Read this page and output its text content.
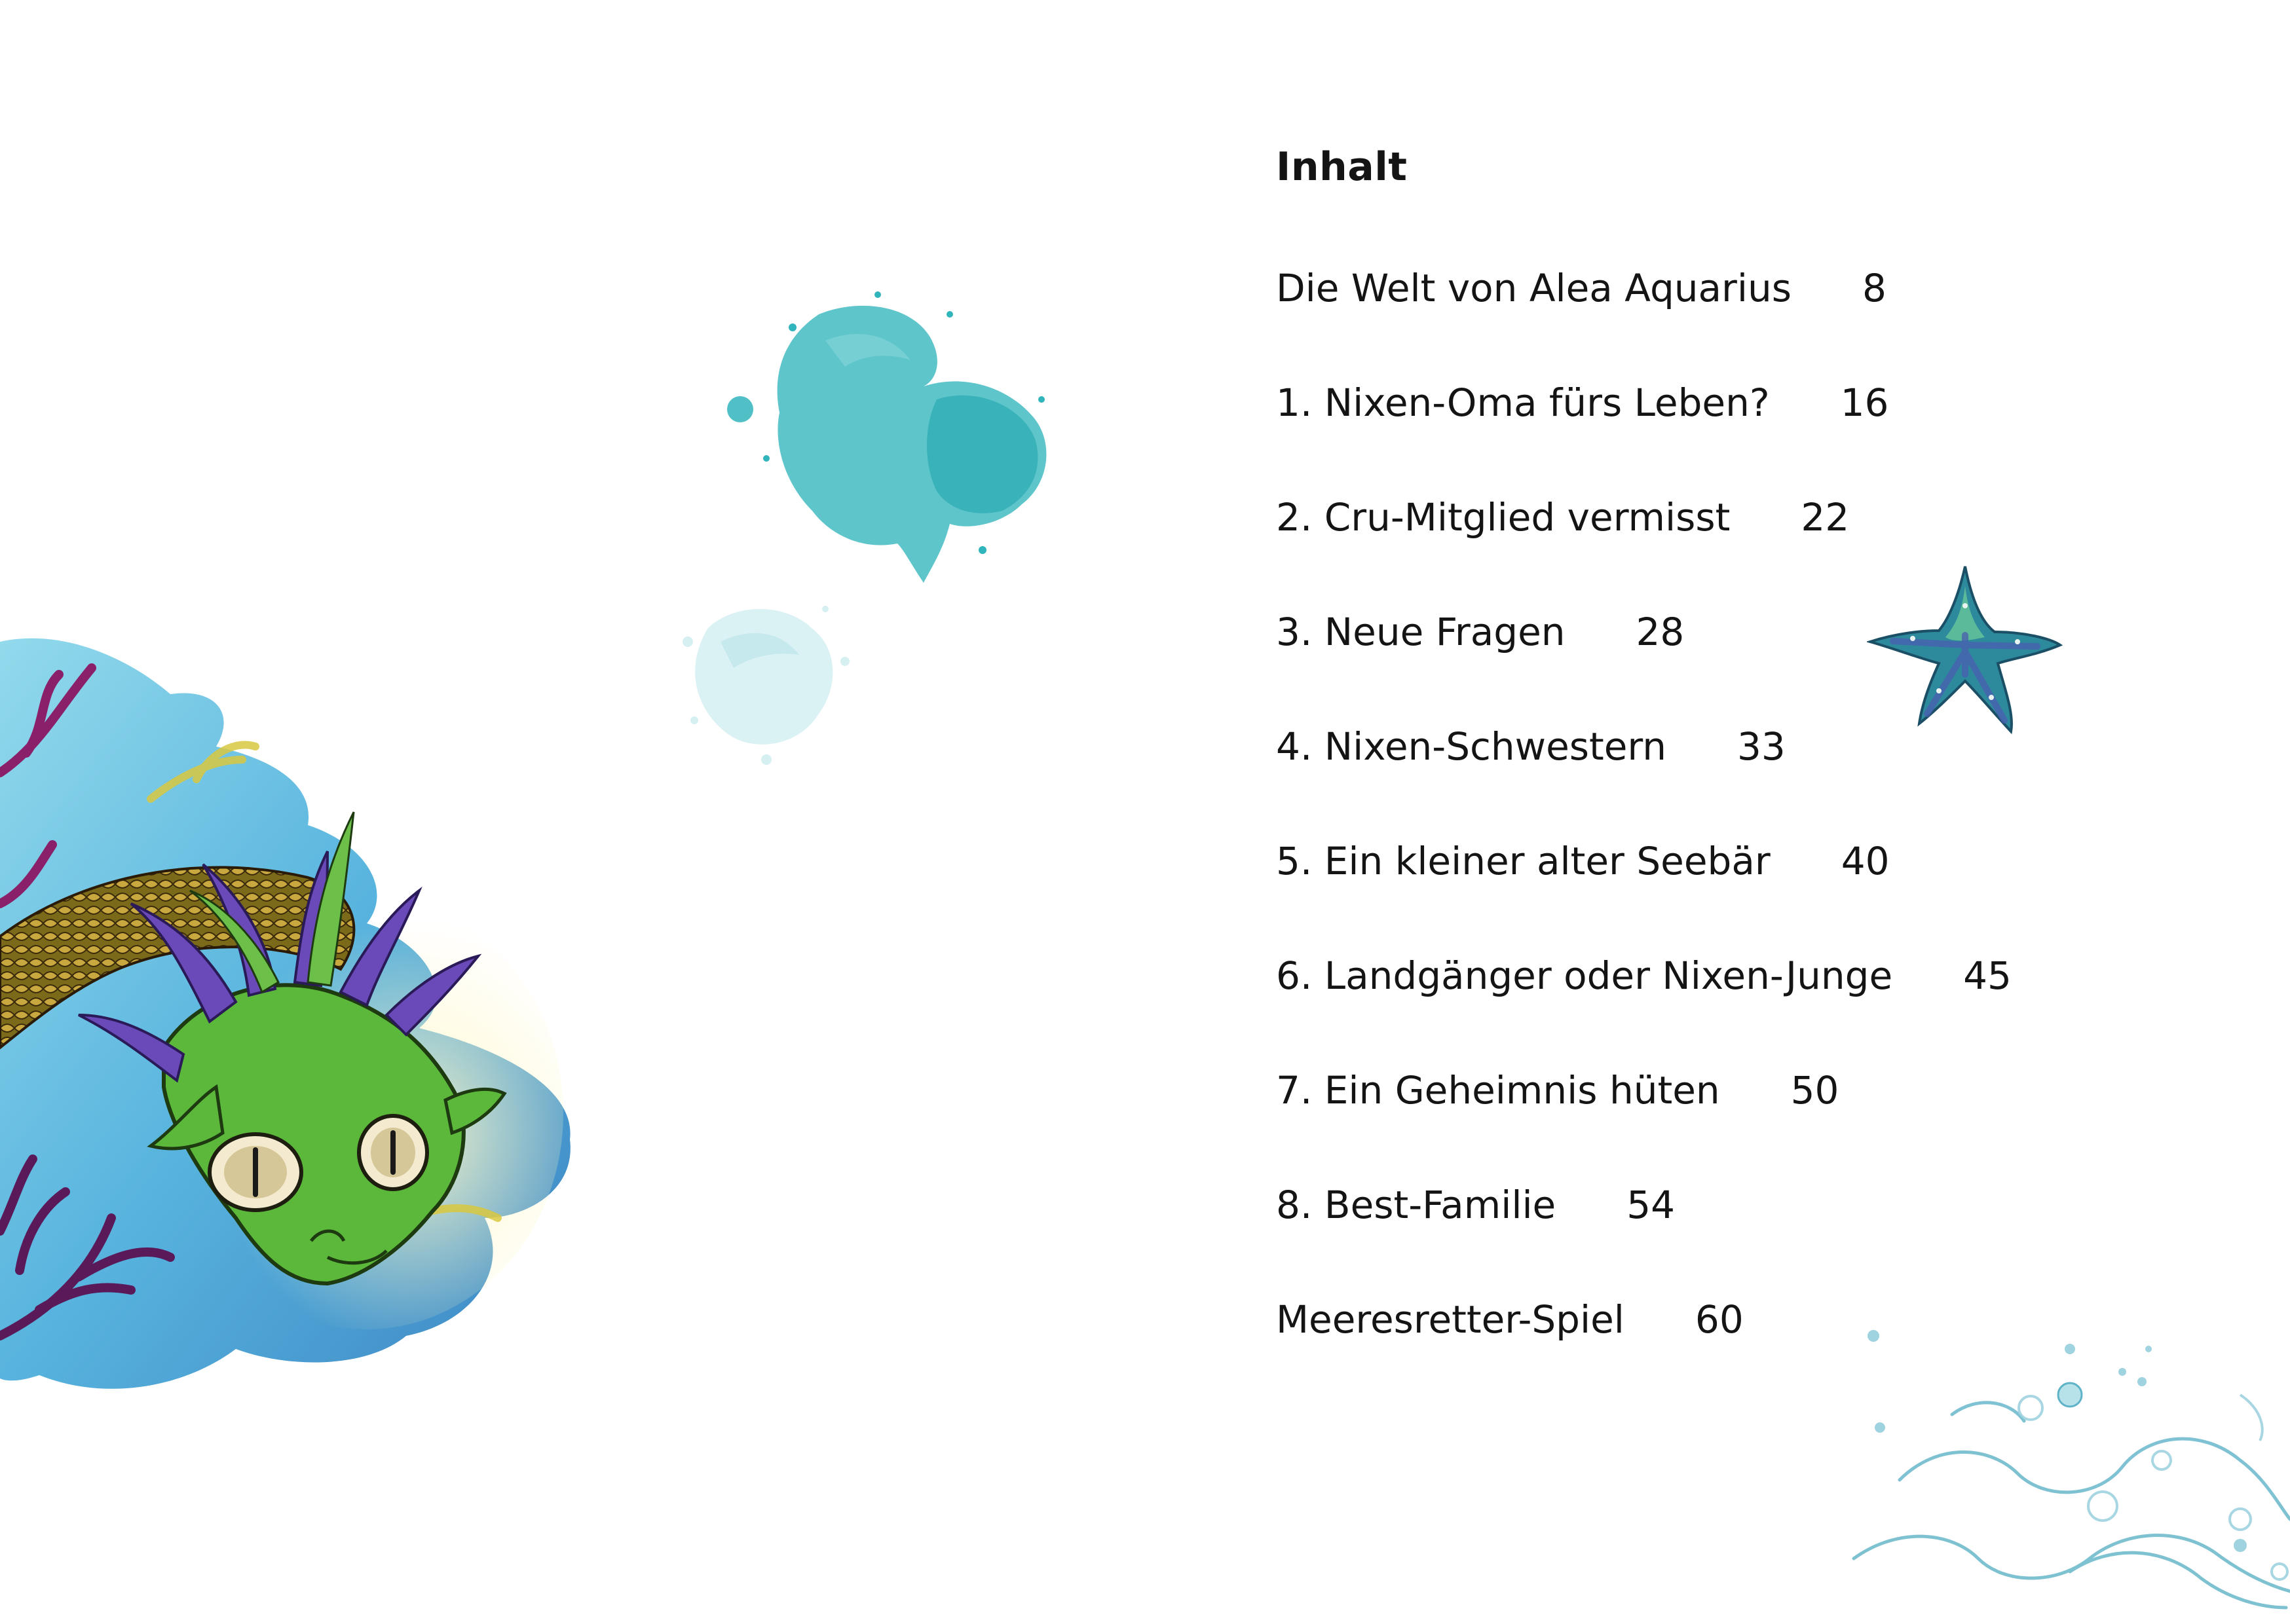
Inhalt
Die Welt von Alea Aquarius 8
1. Nixen-Oma fürs Leben? 16
2. Cru-Mitglied vermisst 22
3. Neue Fragen 28
4. Nixen-Schwestern 33
5. Ein kleiner alter Seebär 40
6. Landgänger oder Nixen-Junge 45
7. Ein Geheimnis hüten 50
8. Best-Familie 54
Meeresretter-Spiel 60
